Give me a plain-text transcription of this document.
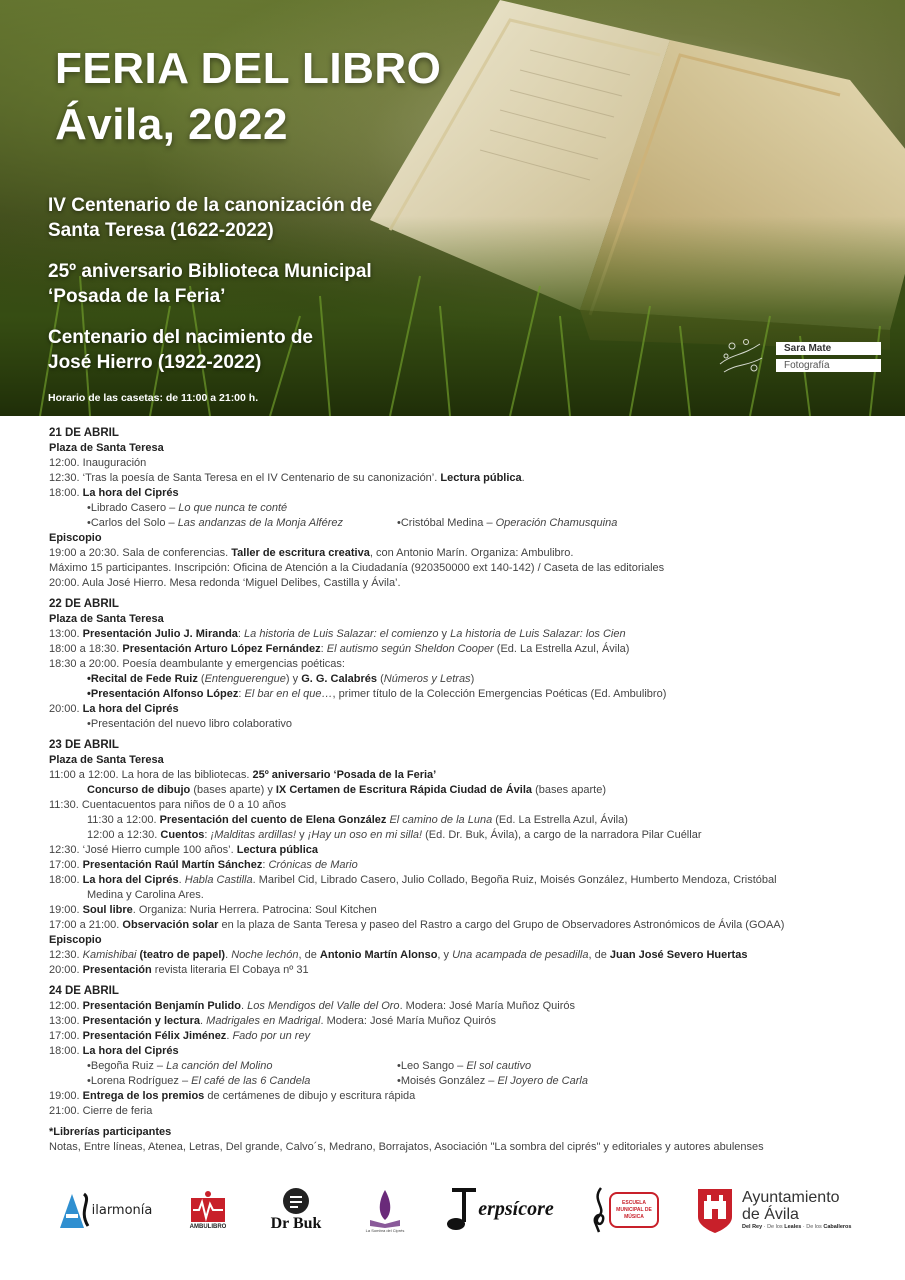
FERIA DEL LIBRO
Ávila, 2022
IV Centenario de la canonización de
Santa Teresa (1622-2022)
25º aniversario Biblioteca Municipal
‘Posada de la Feria’
Centenario del nacimiento de
José Hierro (1922-2022)
Horario de las casetas: de 11:00 a 21:00 h.
Sara Mate
Fotografía
21 DE ABRIL
Plaza de Santa Teresa
12:00. Inauguración
12:30. ‘Tras la poesía de Santa Teresa en el IV Centenario de su canonización’. Lectura pública.
18:00. La hora del Ciprés
•Librado Casero – Lo que nunca te conté
•Carlos del Solo – Las andanzas de la Monja Alférez	•Cristóbal Medina – Operación Chamusquina
Episcopio
19:00 a 20:30. Sala de conferencias. Taller de escritura creativa, con Antonio Marín. Organiza: Ambulibro.
Máximo 15 participantes. Inscripción: Oficina de Atención a la Ciudadanía (920350000 ext 140-142) / Caseta de las editoriales
20:00. Aula José Hierro. Mesa redonda ‘Miguel Delibes, Castilla y Ávila’.
22 DE ABRIL
Plaza de Santa Teresa
13:00. Presentación Julio J. Miranda: La historia de Luis Salazar: el comienzo y La historia de Luis Salazar: los Cien
18:00 a 18:30. Presentación Arturo López Fernández: El autismo según Sheldon Cooper (Ed. La Estrella Azul, Ávila)
18:30 a 20:00. Poesía deambulante y emergencias poéticas:
•Recital de Fede Ruiz (Entenguerengue) y G. G. Calabrés (Números y Letras)
•Presentación Alfonso López: El bar en el que…, primer título de la Colección Emergencias Poéticas (Ed. Ambulibro)
20:00. La hora del Ciprés
•Presentación del nuevo libro colaborativo
23 DE ABRIL
Plaza de Santa Teresa
11:00 a 12:00. La hora de las bibliotecas. 25º aniversario ‘Posada de la Feria’
Concurso de dibujo (bases aparte) y IX Certamen de Escritura Rápida Ciudad de Ávila (bases aparte)
11:30. Cuentacuentos para niños de 0 a 10 años
11:30 a 12:00. Presentación del cuento de Elena González El camino de la Luna (Ed. La Estrella Azul, Ávila)
12:00 a 12:30. Cuentos: ¡Malditas ardillas! y ¡Hay un oso en mi silla! (Ed. Dr. Buk, Ávila), a cargo de la narradora Pilar Cuéllar
12:30. ‘José Hierro cumple 100 años’. Lectura pública
17:00. Presentación Raúl Martín Sánchez: Crónicas de Mario
18:00. La hora del Ciprés. Habla Castilla. Maribel Cid, Librado Casero, Julio Collado, Begoña Ruiz, Moisés González, Humberto Mendoza, Cristóbal
Medina y Carolina Ares.
19:00. Soul libre. Organiza: Nuria Herrera. Patrocina: Soul Kitchen
17:00 a 21:00. Observación solar en la plaza de Santa Teresa y paseo del Rastro a cargo del Grupo de Observadores Astronómicos de Ávila (GOAA)
Episcopio
12:30. Kamishibai (teatro de papel). Noche lechón, de Antonio Martín Alonso, y Una acampada de pesadilla, de Juan José Severo Huertas
20:00. Presentación revista literaria El Cobaya nº 31
24 DE ABRIL
12:00. Presentación Benjamín Pulido. Los Mendigos del Valle del Oro. Modera: José María Muñoz Quirós
13:00. Presentación y lectura. Madrigales en Madrigal. Modera: José María Muñoz Quirós
17:00. Presentación Félix Jiménez. Fado por un rey
18:00. La hora del Ciprés
•Begoña Ruiz – La canción del Molino	•Leo Sango – El sol cautivo
•Lorena Rodríguez – El café de las 6 Candela	•Moisés González – El Joyero de Carla
19:00. Entrega de los premios de certámenes de dibujo y escritura rápida
21:00. Cierre de feria
*Librerías participantes
Notas, Entre líneas, Atenea, Letras, Del grande, Calvo´s, Medrano, Borrajatos, Asociación "La sombra del ciprés" y editoriales y autores abulenses
ilarmonía
AMBULIBRO	Dr Buk	La Sombra del Ciprés
erpsícore	ESCUELA MUNICIPAL DE MÚSICA
Ayuntamiento
de Ávila
Del Rey · De los Leales · De los Caballeros
